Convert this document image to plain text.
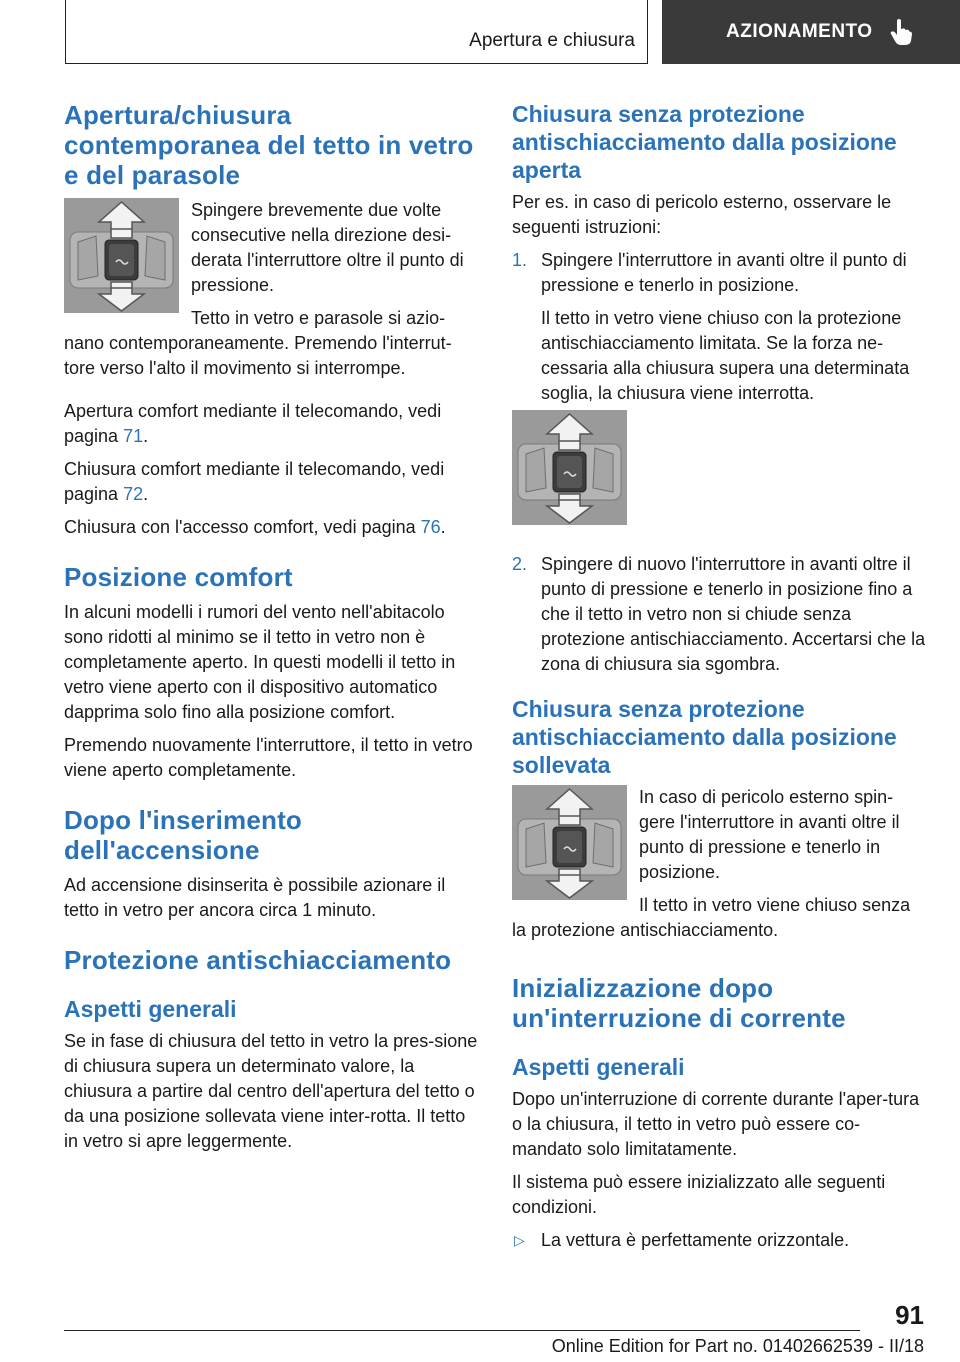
Apertura e chiusura	AZIONAMENTO
Apertura/chiusura contemporanea del tetto in vetro e del parasole

Spingere brevemente due volte consecutive nella direzione desi-derata l'interruttore oltre il punto di pressione.

Tetto in vetro e parasole si azio-nano contemporaneamente. Premendo l'interrut-tore verso l'alto il movimento si interrompe.

Apertura comfort mediante il telecomando, vedi pagina 71.

Chiusura comfort mediante il telecomando, vedi pagina 72.

Chiusura con l'accesso comfort, vedi pagina 76.

Posizione comfort

In alcuni modelli i rumori del vento nell'abitacolo sono ridotti al minimo se il tetto in vetro non è completamente aperto. In questi modelli il tetto in vetro viene aperto con il dispositivo automatico dapprima solo fino alla posizione comfort.

Premendo nuovamente l'interruttore, il tetto in vetro viene aperto completamente.

Dopo l'inserimento dell'accensione

Ad accensione disinserita è possibile azionare il tetto in vetro per ancora circa 1 minuto.

Protezione antischiacciamento
Aspetti generali

Se in fase di chiusura del tetto in vetro la pres-sione di chiusura supera un determinato valore, la chiusura a partire dal centro dell'apertura del tetto o da una posizione sollevata viene inter-rotta. Il tetto in vetro si apre leggermente.

Chiusura senza protezione antischiacciamento dalla posizione aperta

Per es. in caso di pericolo esterno, osservare le seguenti istruzioni:

1. Spingere l'interruttore in avanti oltre il punto di pressione e tenerlo in posizione.

Il tetto in vetro viene chiuso con la protezione antischiacciamento limitata. Se la forza ne-cessaria alla chiusura supera una determinata soglia, la chiusura viene interrotta.

2. Spingere di nuovo l'interruttore in avanti oltre il punto di pressione e tenerlo in posizione fino a che il tetto in vetro non si chiude senza protezione antischiacciamento. Accertarsi che la zona di chiusura sia sgombra.

Chiusura senza protezione antischiacciamento dalla posizione sollevata

In caso di pericolo esterno spin-gere l'interruttore in avanti oltre il punto di pressione e tenerlo in posizione.

Il tetto in vetro viene chiuso senza la protezione antischiacciamento.

Inizializzazione dopo un'interruzione di corrente
Aspetti generali

Dopo un'interruzione di corrente durante l'aper-tura o la chiusura, il tetto in vetro può essere co-mandato solo limitatamente.

Il sistema può essere inizializzato alle seguenti condizioni.

▷ La vettura è perfettamente orizzontale.
91
Online Edition for Part no. 01402662539 - II/18
